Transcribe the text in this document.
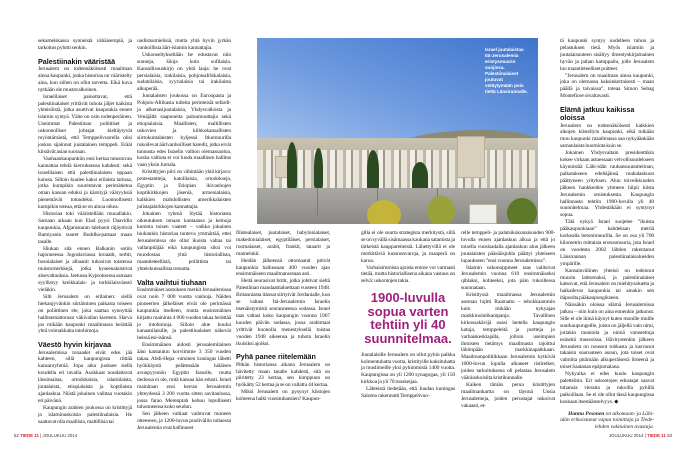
sekamelskassa synneistä vähäisempiä, ja tarkoitus pyhitti senkin.

Palestiinakin vääristää

Jerusalem on todennäköisesti maailman ainoa kaupunki, jonka historiaa on vääristelty aina, kun siihen on ollut tarvetta. Eikä kuva nytkään ole mustavalkoinen.

Israelilaiset painottavat, että palestiinalaiset yrittävät tuhota jäljet kaikista yhteisöistä, jotka asuttivat kaupunkia ennen islamin syntyä. Väite on osin todenperäinen. Useimmat Palestiinan poliittiset ja uskonnolliset johtajat kieltäytyvät myöntämästä, että Temppelivuorella olisi joskus sijainnut juutalainen temppeli. Eräät kiistävät asian suoraan.

Vanhaankaupunkiin ensi kertaa tutustuvan kannattaa tehdä kierroksensa kahdesti: sekä israelilaisen että palestiinalaisen oppaan kanssa. Silloin kuulee kaksi erilaista tarinaa, jotka kumpikin suurentavat perimätietoa oman kansan eduksi ja kärsityjä vääryyksiä pienentävät totuudeksi. Luonnollisesti kumpikin toteaa, että se on ainoa oikea.

Historiaa toki vääristellään muuallakin. Samaan aikaan kun Elad pyysi Daavidin kaupunkia, Afganistanin talebanit räjäyttivät Bamiyanin suuret Buddha-patsaat maan tasalle.

Hiukan sitä ennen Balkanin sotiin hajonneessa Jugoslaviassa kroaatit, serbit, bosnialaiset ja albaanit tuhosivat toistensa muistomerkkejä, jotka kyseenalaistivat aluevaltauksia. Jaetussa Kyproksessa samaan syyllistyy kreikkalais- ja turkkilaisväestö vieläkin.

Silti Jerusalem on erilainen: siellä hiekanjyvänkin siirtäminen paikasta toiseen on poliittinen ele, joka saattaa synnyttää hallitsemattoman väkivallan kierteen. Harva jos mikään kaupunki maailmassa herättää yhtä voimakkaita intohimoja.

Väestö hyvin kirjavaa

Jerusalemissa tonaadet eivät edes jää kahteen, sillä kaupungissa riittää kansanryhmiä. Jopa aika juoksee siellä koudella eri tavalla. Asukkaat noudattavat länsimaista, ortodoksista, islamilaista, juutalaista, etiopialaista ja koptilaista ajanlaskua. Niistä jokainen vaihtaa vuotakin eri päivänä.

Kaupungin arabien joukossa on kristittyjä ja islaminuskoisia palestiinalaisia. He saattavat olla maallisia, maltillisia tai

uudistusmielisiä, mutta yhtä hyvin jyrkän vanhoillisia ääri-islamin kannattajia.

Uskonseltykseltään he edustavat niin sunneja, šiioja kuin sufilaisia. Kansallisuuskirjo on yhtä laaja: he ovat persialaisia, irakilaisia, pohjoisafrikkalaisia, sudanilaisia, syyrialaisia tai irakilaista alkuperää.

Juutalaisten joukossa on Euroopasta ja Pohjois-Afrikasta tulleita perinteisiä sefardi- ja aškenasijuutalaisia, Yhdysvalloista ja Venäjältä saapuneita paluumuuttajia sekä etiopialaisia. Maallisten, maltillisten uskovien ja kiihkokansallisten siirtokuntalaisten kyljessä Itkumuurilla rukoilevat äärivanhoilliset haredit, jotka eivät tunnusta edes Israelin valtion olemassaoloa, koska valtiota ei voi luoda maallinen hallitus vaan yksin Jumala.

Kristittyjen piiri on vähintään yhtä kirjava: protestantteja, katolilaisia, ortodokseja, Egyptin ja Etiopian ikivanhojen koptikirkkojen jäseniä, armenialaisia, kaikkien mahdollisten amerikkalaisten julistajakirkkojen kannattajia.

Jokainen ryhmä löytää historiasta oikeutuksen omaan kantaansa ja keinoja kumota toisen vaateet – vaikka jokainen hiukankin historiaa tunteva ymmärtää, ettei Jerusalemissa ole ollut ikuista valtaa tai vallanpitäjää eikä kaupungista siksi voi muodostaa yhtä historiallista, maantieteellistä, poliittista tai yhteiskunnallista totuutta.

Valta vaihtui tiuhaan

Ensimmäiset asutuksen merkit Jerusalemissa ovat noin 7 000 vuotta vanhoja. Näiden pioneerien jälkeläiset eivät ole perimässä kaupunkia itselleen, mutta ensimmäinen kirjattu maininta 4 000 vuoden takaa herättää jo intohimoja. Silloin alue kuului kanaanilaisille, ja palestiinalaiset näkevät heissä esi-isänsä.

Ensimmäinen aidosti jerusalemilainen ääni kantautuu korviimme 3 350 vuoden takaa. Abdi-Hepa -niminen kuningas lähetti hyökkäystä pelätessään hätäisen avunpyynnön Egyptin faraolle, mutta tiedossa ei ole, mitä kansaa hän edusti. Israel mainitaan ensi kerran Jerusalemin yhteydessä 3 200 vuotta sitten savitaulussa, jossa farao Merenptah kehuu lopullisesti tuhonneensa koko seudun.

Sen jälkeen valtiaat vaihtuvat moneen otteeseen, ja 1200-luvun puoliväliin tultaessa Jerusalemia ovat hallinneet

Israel juutalaistaa Itä-Jerusalemia eristysmuurin suojissa. Palestiinalaiset joutuvat vetäytymään pois tieltä Länsirannalle.

filistealaiset, juutalaiset, babylonialaiset, makedonialaiset, egyptiläiset, persialaiset, roomalaiset, arabit, frankit, tataarit ja mamelukit.

Heidän jälkeensä ottomaanit pitivät kaupunkia hallussaan 400 vuoden ajan ensimmäiseen maailmansotaan asti.

Heitä seurasivat britit, jotka johtivat sieltä Palestiinan mandaattialuettaan vuoteen 1948. Britanniasta itäosat siirtyivät Jordanialle, kun se valtasi Itä-Jerusalemin Israelin itsenäistymistä seuranneessa sodassa. Israel taas valtasi koko kaupungin vuonna 1967 kuuden päivän sodassa, jossa arabimaat yrittivät huonolla menestyksellä toistaa vuoden 1948 aikeensa ja tuhota Israelin ikuisiksi ajoiksi.

Pyhä panee riitelemään

Pitkän historiansa aikana Jerusalem on hävitetty maan tasalle kahdesti, sitä on piiritetty 23 kertaa, sen kimppuun on hyökätty 52 kertaa ja se on vallattu 44 kertaa.

Miksi Jerusalem on pysynyt kiistojen kohteena halki vuosituhansien? Kaupun-

gilla ei ole suurta strategista merkitystä, sillä se on syvällä sisämaassa kaukana satamista ja tärkeistä kauppareiteistä. Lähettyvillä ei ole merkittäviä luonnonvaroja, ja maaperä on karua.

Varhaisimmista ajoista emme voi varmasti tietää, mutta historiallisena aikana vastaus on selvä: uskontojen takia.

1900-luvulla sopua varten tehtiin yli 40 suunnitelmaa.

Juutalaisille Jerusalem on ollut pyhin paikka kolmentuhatta vuotta, kristityille kaksituhatta ja muslimeille yksi pyhimmistä 1400 vuotta. Kaupungissa on yli 1200 synagogaa, yli 150 kirkkoa ja yli 70 moskeijaa.

Lähteistä tiedetään, että Juudan kuningas Salomo rakennutti Temppelivuo-

relle temppeli- ja palatsikokonaisuuden 900-luvulla ennen ajanlaskun alkua ja että jo toisella vuosisadalla ajanlaskun alun jälkeen juutalaisten pääsiäisjuhla päättyi yhteiseen lupaukseen ”ensi vuonna Jerusalemissa”.

Islamin uskonoppineet taas valitsivat Jerusalemin vuonna 610 ensimmäiseksi qiblaksi, kohteeksi, jota päin rukoillessa suunnataan.

Kristityssä maailmassa Jerusalemin aseman lujitti Raamattu – tehokkaammin kuin mikään nykyajan markkinointikampanja. Tavallinen kirkossakävijä osasi luetella kaupungin katuja, temppeleitä ja portteja jo varhaiskeskiajalla, jolloin useimpien ihmisten tietämys maailmasta rajoittui lähimpään markkinapaikkaan. Maailmanpolitiikkaan Jerusalemin kytkivät 1000-luvun lopulla alkaneet ristiretket, joiden tarkoituksena oli pelastaa Jerusalem vääräuskoisilta kristikunnalle.

Kaiken tämän perua kristittyjen maailmankartta on täynnä Uusia Jerusalemeja, joiden perustajat uskoivat vakaasti, et-

tä kaupunki syntyy uudelleen tuhon ja pelastuksen tietä. Myös islamiin ja juutalaisuuteen sisältyy ilmestyskirjamainen hyvän ja pahan kamppailu, jolle Jerusalem luo maantieteelliset puitteet.

”Jerusalem on maailman ainoa kaupunki, joka on olemassa kaksinkertaisesti – maan päällä ja taivaissa”, toteaa Simon Sebag Montefiore oivaltavasti.

Elämä jatkuu kaikissa oloissa

Jerusalem on todennäköisesti kaikkien aikojen kiistellyin kaupunki, eikä mikään muu kaupunki maailmassa saa nykyäänkään samanlaista huomiota kuin se.

Jokainen Yhdysvaltain presidenttikin kokee virkaan astuessaan velvollisuudekseen käynnistää Lähi-idän rauhansuunnitelman, paikatakseen edeltäjänsä mahalaskuun päättyneen yrityksen. Alun toiveikkuuden jälkeen hankkeiden ytimeen hiipii kiista Jerusalemin omistuksesta. Kaupungin hallinnasta tehtiin 1900-luvulla yli 40 suunnitelmaa. Yhdestäkään ei syntynyt sopua.

Tätä nykyä Israel suojelee ”ikuista pääkaupunkiaan” kahdeksan metriä korkealla betonimuurilla. Se on osa yli 700 kilometrin mittaista erotusmuuria, jota Israel on vuodesta 2002 lähtien rakentanut Länsirannan palestiinalaisalueiden ympärille.

Kansainvälinen yhteisö on todennut muurin laittomaksi, ja palestiinalaiset katsovat, että Jerusalem on miehitysaluetta ja haikailevat kaupunkia tai ainakin sen itäpuolta pääkaupungikseen.

Näissäkin oloissa elämä Jerusalemissa jatkuu – niin kuin on aina ennenkin jatkunut. Sille ei ole ikinä käynyt kuten monille muille suurkaupungeille, joista on jäljellä vain nimi, joitakin raunioita ja nimiä varustettuja esineitä museoissa. Hävitystenkin jälkeen Jerusalem on noussut tuhkasta ja kasvanut takaisin suuruuteen asuun, jota toiset ovat valmiita pitämään alkuperäisenä ilmeenä ja toiset Saatanan epäjumalana.

Nykyaika ei edes kuulu kaupungin paletteihin. Eri uskontojen edustajat saavat tuhansia vieraita ja rukoilla pyhillä paikoillaan. Se ei ole ollut tässä kaupungissa koskaan itsestäänselvyys. ◆

Hannu Pesonen on ulkomaan- ja Lähi-idän erikoistunut vapaa toimittaja ja Tiede-lehden vakituinen avustaja.
52 TIEDE 11 | JOULUKUU 2014	JOULUKUU 2014 | TIEDE 11 53
